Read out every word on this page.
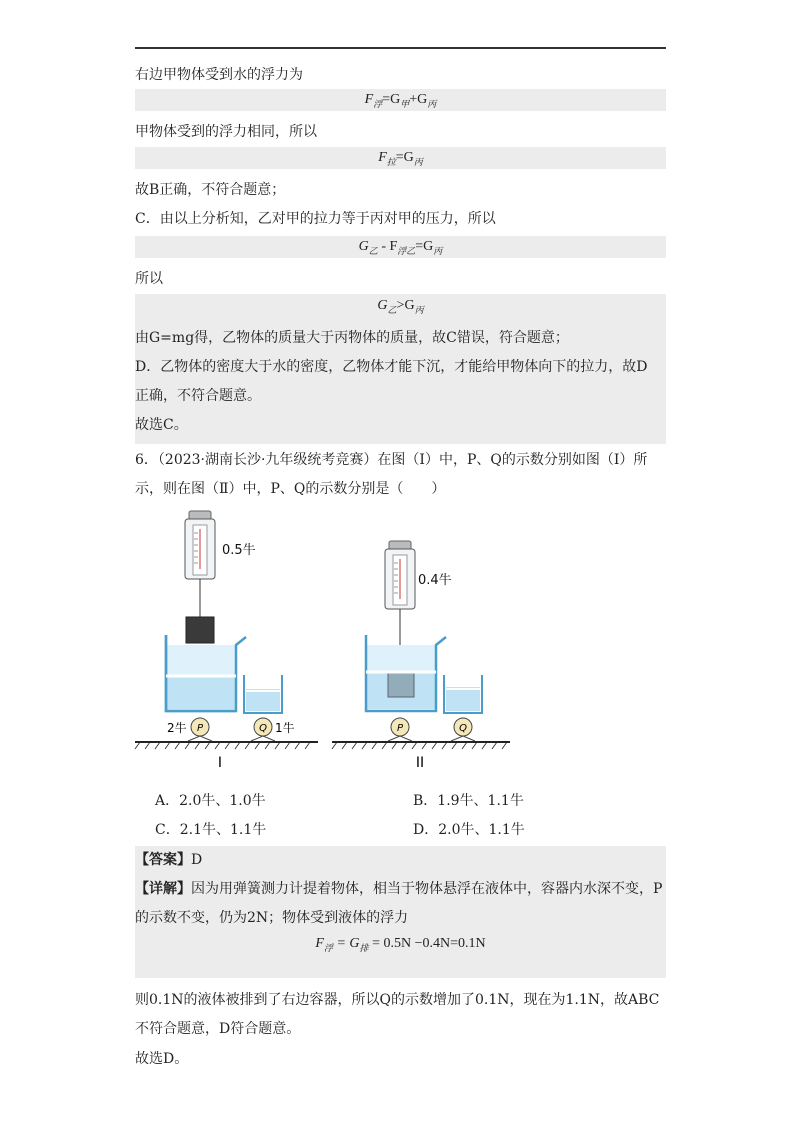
右边甲物体受到水的浮力为
$F_浮=G_甲+G_丙$
甲物体受到的浮力相同，所以
$F_拉=G_丙$
故B正确，不符合题意；
C．由以上分析知，乙对甲的拉力等于丙对甲的压力，所以
$G_乙 - F_{浮乙}=G_丙$
所以
$G_乙>G_丙$
由G=mg得，乙物体的质量大于丙物体的质量，故C错误，符合题意；
D．乙物体的密度大于水的密度，乙物体才能下沉，才能给甲物体向下的拉力，故D
正确，不符合题意。
故选C。
6．（2023·湖南长沙·九年级统考竞赛）在图（Ⅰ）中，P、Q的示数分别如图（Ⅰ）所
示，则在图（Ⅱ）中，P、Q的示数分别是（　　）
0.5牛
P	Q
2牛	1牛
I
0.4牛
P	Q
II
A．2.0牛、1.0牛	B．1.9牛、1.1牛
C．2.1牛、1.1牛	D．2.0牛、1.1牛
【答案】D
【详解】因为用弹簧测力计提着物体，相当于物体悬浮在液体中，容器内水深不变，P
的示数不变，仍为2N；物体受到液体的浮力
$F_浮 = G_排 = 0.5N -0.4N=0.1N$
则0.1N的液体被排到了右边容器，所以Q的示数增加了0.1N，现在为1.1N，故ABC
不符合题意，D符合题意。
故选D。
